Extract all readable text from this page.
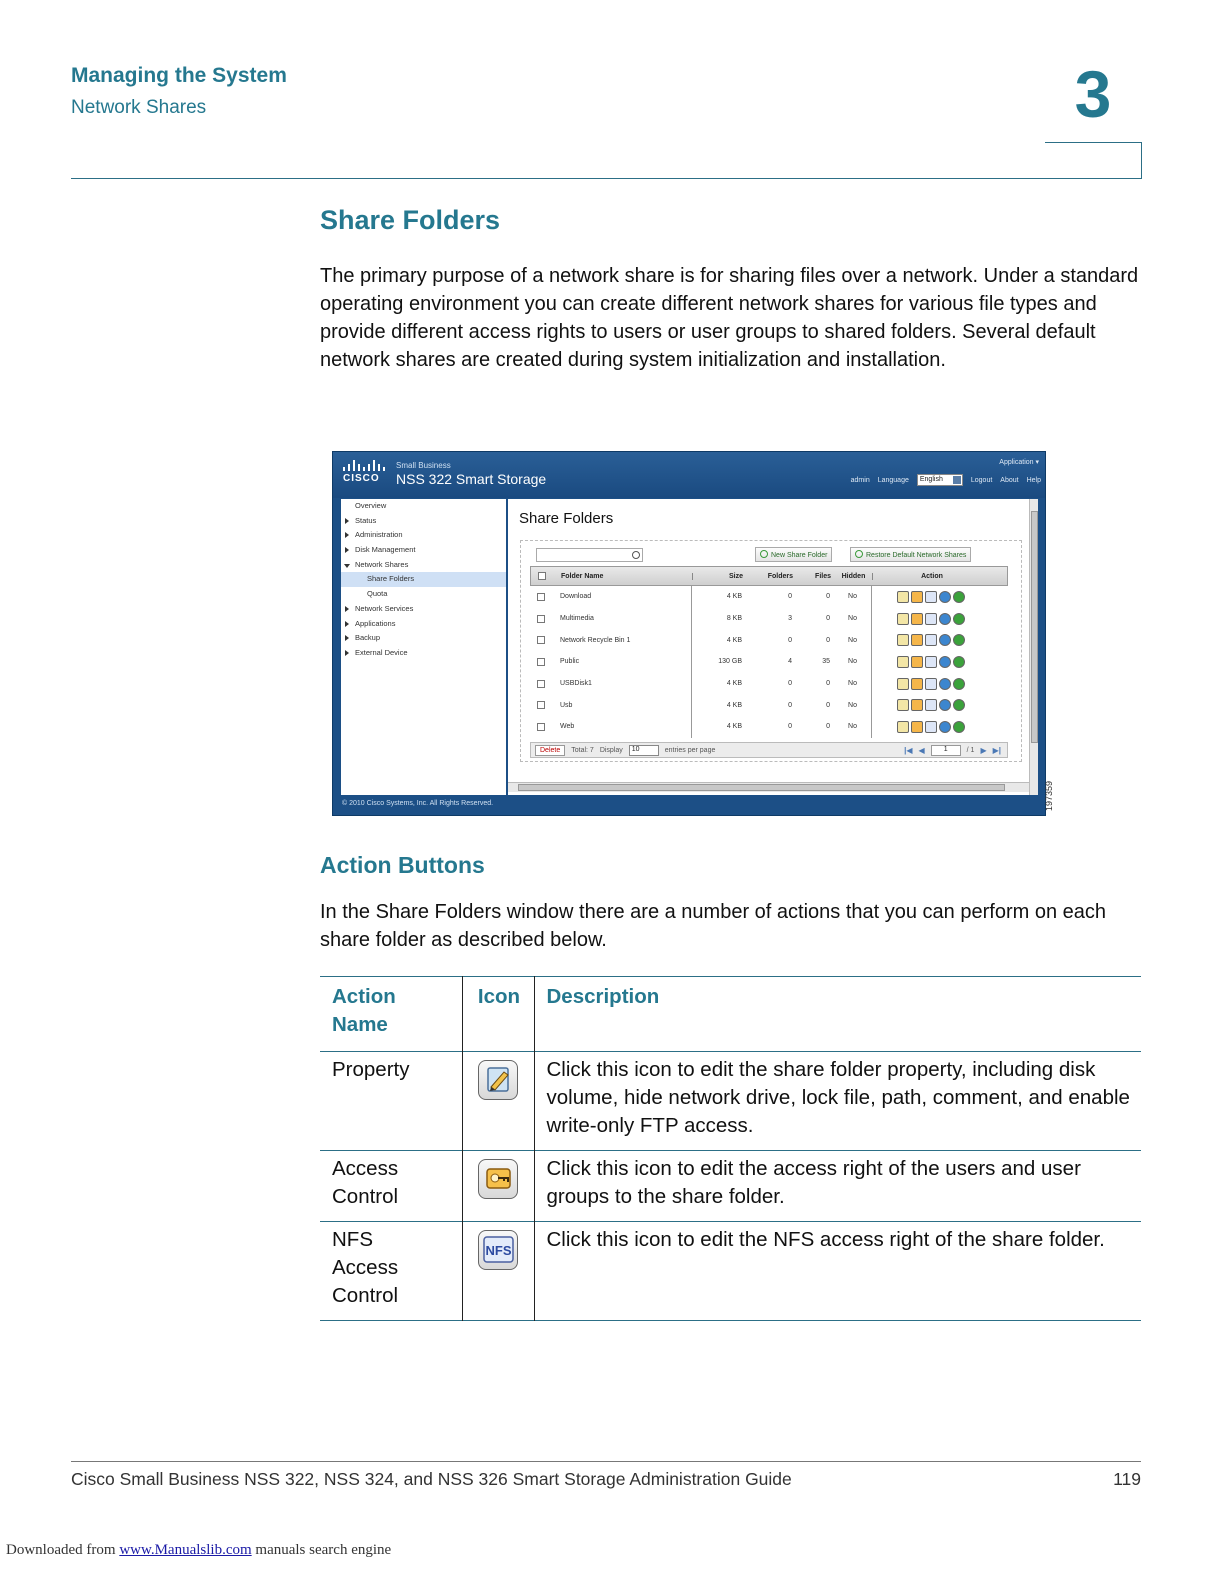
Managing the System
Network Shares	3
Share Folders

The primary purpose of a network share is for sharing files over a network. Under a standard operating environment you can create different network shares for various file types and provide different access rights to users or user groups to shared folders. Several default network shares are created during system initialization and installation.

CISCO
Small Business
NSS 322 Smart Storage
Application ▾
admin Language	English	Logout About Help
Overview
Status
Administration
Disk Management
Network Shares
Share Folders
Quota
Network Services
Applications
Backup
External Device
Share Folders
New Share Folder	Restore Default Network Shares
Folder Name	Size	Folders	Files	Hidden	Action
Download	4 KB	0	0	No
Multimedia	8 KB	3	0	No
Network Recycle Bin 1	4 KB	0	0	No
Public	130 GB	4	35	No
USBDisk1	4 KB	0	0	No
Usb	4 KB	0	0	No
Web	4 KB	0	0	No
Delete	Total: 7 Display	10	entries per page	|◀ ◀	1	/ 1 ▶ ▶|
© 2010 Cisco Systems, Inc. All Rights Reserved.	197359
Action Buttons

In the Share Folders window there are a number of actions that you can perform on each share folder as described below.

Action Name	Icon	Description
Property		Click this icon to edit the share folder property, including disk volume, hide network drive, lock file, path, comment, and enable write-only FTP access.
Access Control		Click this icon to edit the access right of the users and user groups to the share folder.
NFS Access Control	NFS	Click this icon to edit the NFS access right of the share folder.
Cisco Small Business NSS 322, NSS 324, and NSS 326 Smart Storage Administration Guide	119
Downloaded from www.Manualslib.com manuals search engine
